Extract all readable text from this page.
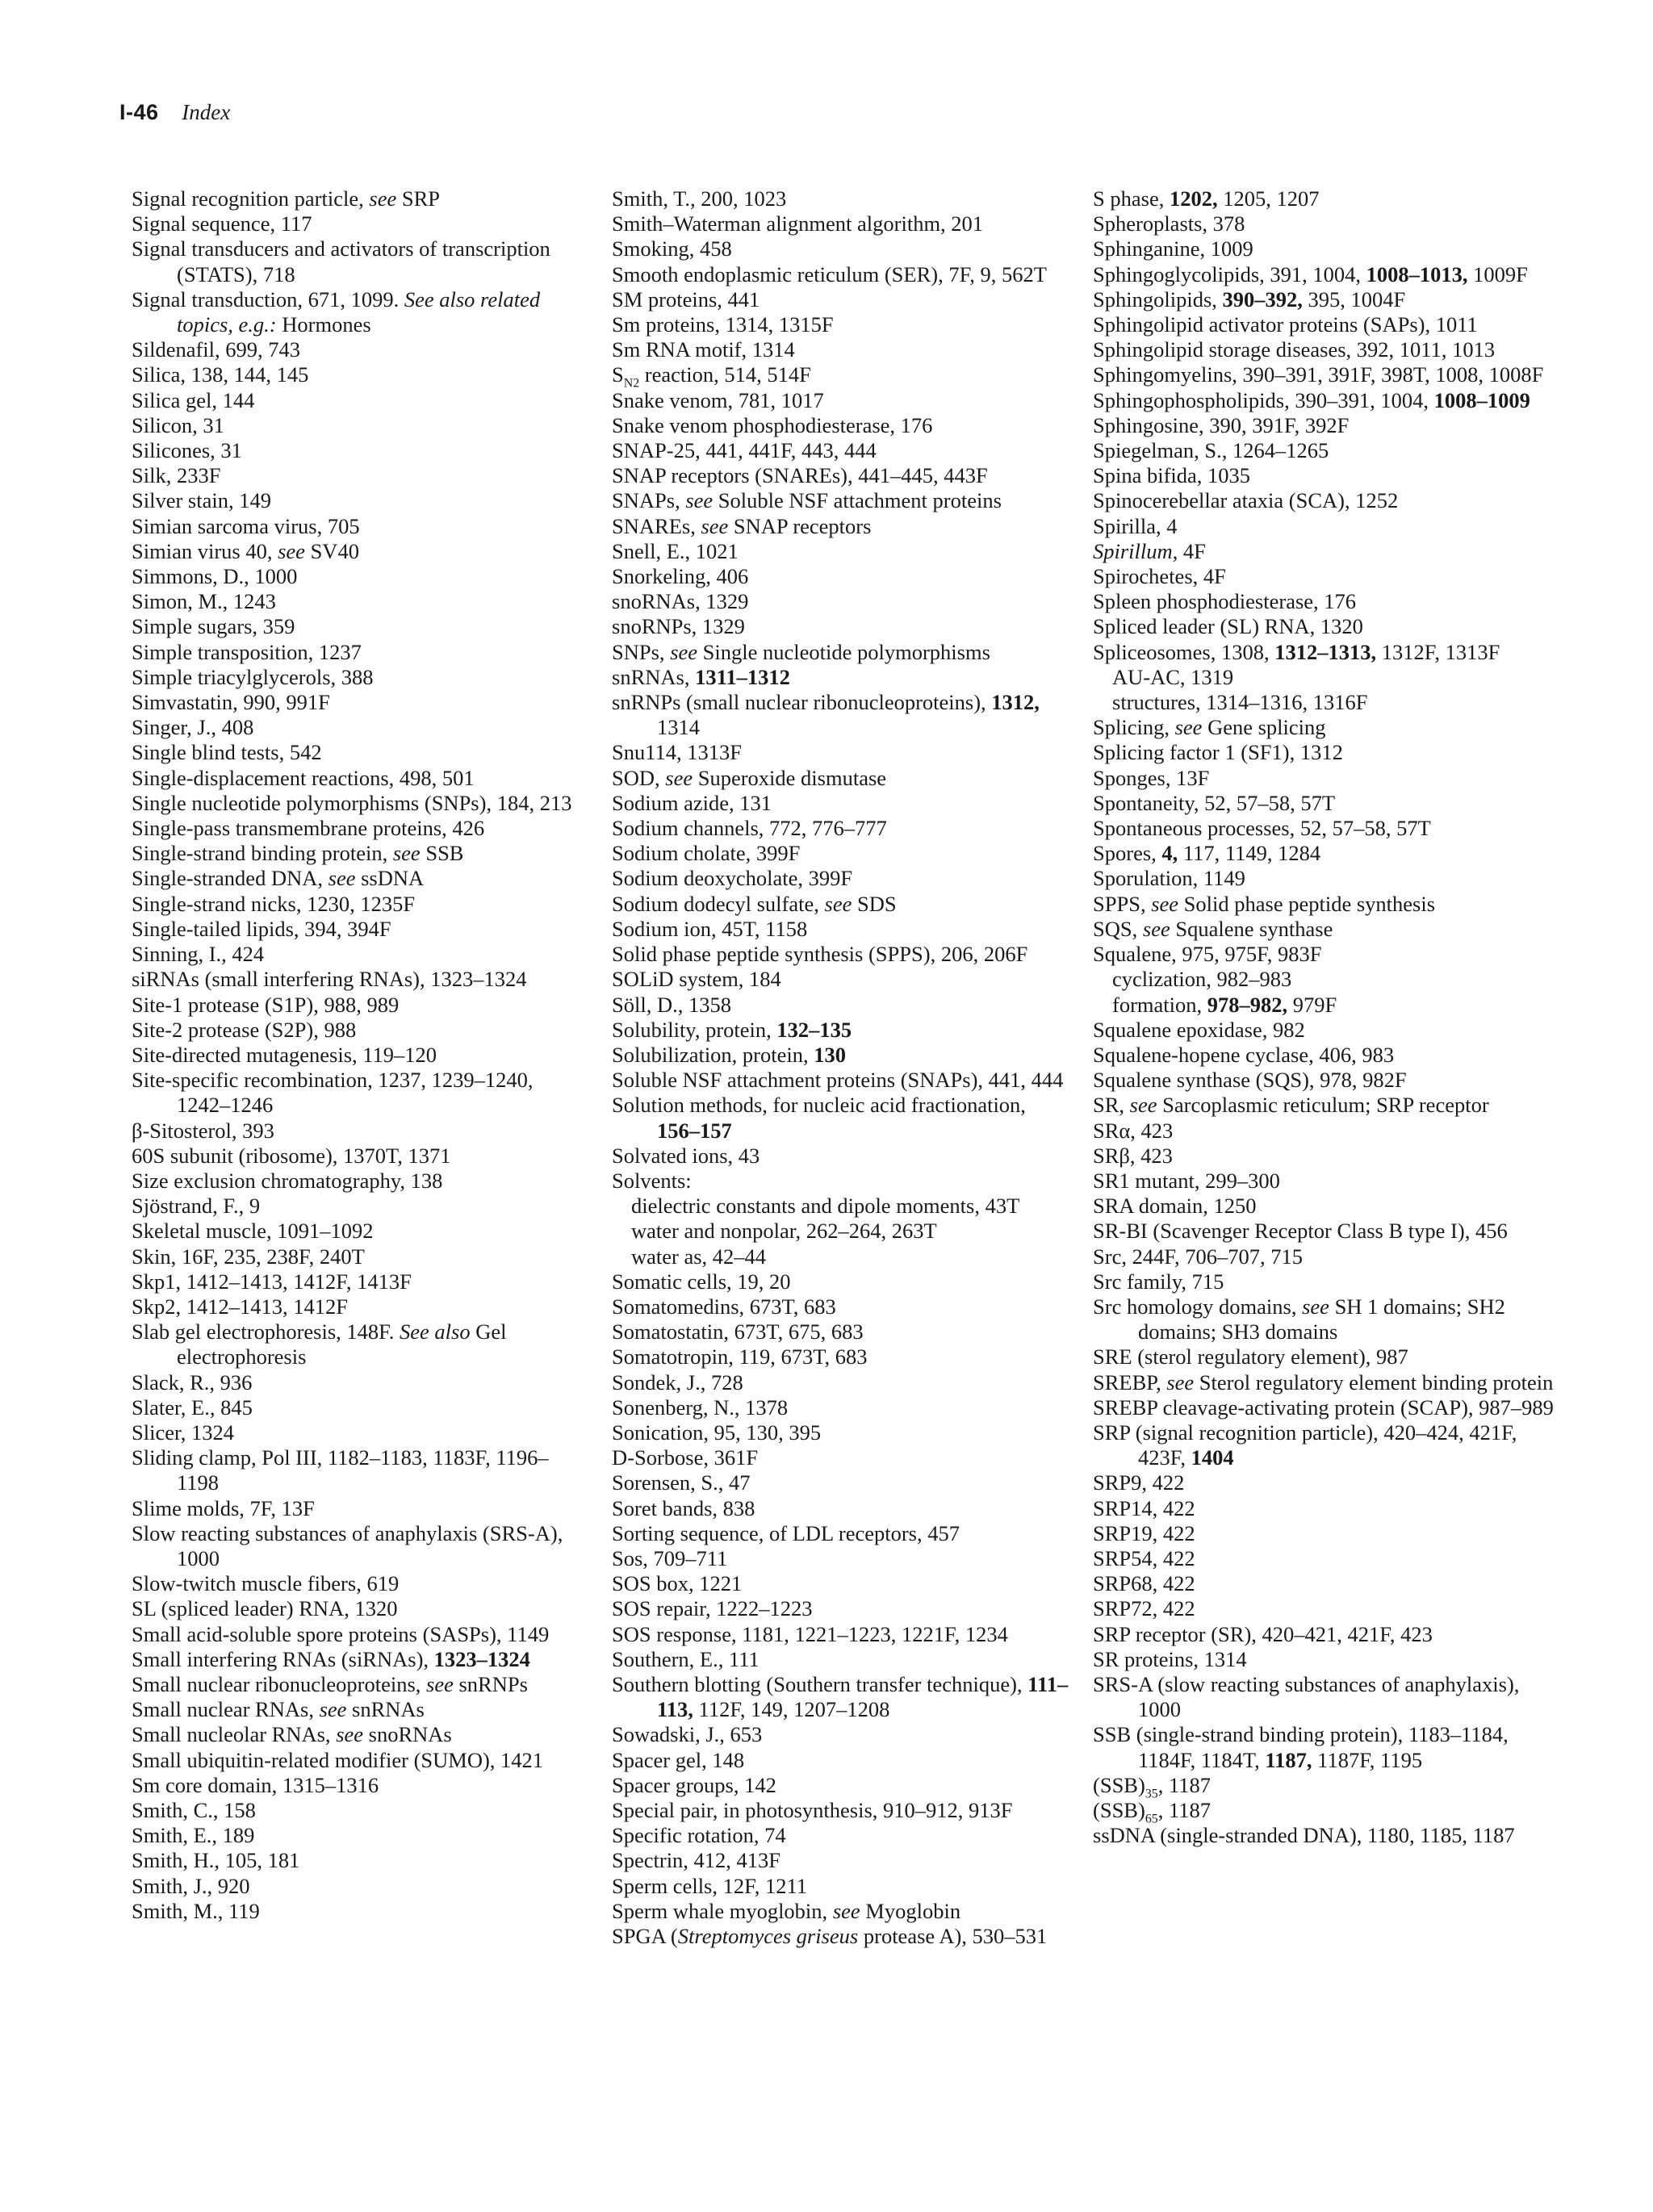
I-46 Index

Signal recognition particle, see SRP

Signal sequence, 117

Signal transducers and activators of transcription (STATS), 718

Signal transduction, 671, 1099. See also related topics, e.g.: Hormones

Sildenafil, 699, 743

Silica, 138, 144, 145

Silica gel, 144

Silicon, 31

Silicones, 31

Silk, 233F

Silver stain, 149

Simian sarcoma virus, 705

Simian virus 40, see SV40

Simmons, D., 1000

Simon, M., 1243

Simple sugars, 359

Simple transposition, 1237

Simple triacylglycerols, 388

Simvastatin, 990, 991F

Singer, J., 408

Single blind tests, 542

Single-displacement reactions, 498, 501

Single nucleotide polymorphisms (SNPs), 184, 213

Single-pass transmembrane proteins, 426

Single-strand binding protein, see SSB

Single-stranded DNA, see ssDNA

Single-strand nicks, 1230, 1235F

Single-tailed lipids, 394, 394F

Sinning, I., 424

siRNAs (small interfering RNAs), 1323–1324

Site-1 protease (S1P), 988, 989

Site-2 protease (S2P), 988

Site-directed mutagenesis, 119–120

Site-specific recombination, 1237, 1239–1240, 1242–1246

β-Sitosterol, 393

60S subunit (ribosome), 1370T, 1371

Size exclusion chromatography, 138

Sjöstrand, F., 9

Skeletal muscle, 1091–1092

Skin, 16F, 235, 238F, 240T

Skp1, 1412–1413, 1412F, 1413F

Skp2, 1412–1413, 1412F

Slab gel electrophoresis, 148F. See also Gel electrophoresis

Slack, R., 936

Slater, E., 845

Slicer, 1324

Sliding clamp, Pol III, 1182–1183, 1183F, 1196–1198

Slime molds, 7F, 13F

Slow reacting substances of anaphylaxis (SRS-A), 1000

Slow-twitch muscle fibers, 619

SL (spliced leader) RNA, 1320

Small acid-soluble spore proteins (SASPs), 1149

Small interfering RNAs (siRNAs), 1323–1324

Small nuclear ribonucleoproteins, see snRNPs

Small nuclear RNAs, see snRNAs

Small nucleolar RNAs, see snoRNAs

Small ubiquitin-related modifier (SUMO), 1421

Sm core domain, 1315–1316

Smith, C., 158

Smith, E., 189

Smith, H., 105, 181

Smith, J., 920

Smith, M., 119

Smith, T., 200, 1023

Smith–Waterman alignment algorithm, 201

Smoking, 458

Smooth endoplasmic reticulum (SER), 7F, 9, 562T

SM proteins, 441

Sm proteins, 1314, 1315F

Sm RNA motif, 1314

$S_{N2}$ reaction, 514, 514F

Snake venom, 781, 1017

Snake venom phosphodiesterase, 176

SNAP-25, 441, 441F, 443, 444

SNAP receptors (SNAREs), 441–445, 443F

SNAPs, see Soluble NSF attachment proteins

SNAREs, see SNAP receptors

Snell, E., 1021

Snorkeling, 406

snoRNAs, 1329

snoRNPs, 1329

SNPs, see Single nucleotide polymorphisms

snRNAs, 1311–1312

snRNPs (small nuclear ribonucleoproteins), 1312, 1314

Snu114, 1313F

SOD, see Superoxide dismutase

Sodium azide, 131

Sodium channels, 772, 776–777

Sodium cholate, 399F

Sodium deoxycholate, 399F

Sodium dodecyl sulfate, see SDS

Sodium ion, 45T, 1158

Solid phase peptide synthesis (SPPS), 206, 206F

SOLiD system, 184

Söll, D., 1358

Solubility, protein, 132–135

Solubilization, protein, 130

Soluble NSF attachment proteins (SNAPs), 441, 444

Solution methods, for nucleic acid fractionation, 156–157

Solvated ions, 43

Solvents:

dielectric constants and dipole moments, 43T

water and nonpolar, 262–264, 263T

water as, 42–44

Somatic cells, 19, 20

Somatomedins, 673T, 683

Somatostatin, 673T, 675, 683

Somatotropin, 119, 673T, 683

Sondek, J., 728

Sonenberg, N., 1378

Sonication, 95, 130, 395

D-Sorbose, 361F

Sorensen, S., 47

Soret bands, 838

Sorting sequence, of LDL receptors, 457

Sos, 709–711

SOS box, 1221

SOS repair, 1222–1223

SOS response, 1181, 1221–1223, 1221F, 1234

Southern, E., 111

Southern blotting (Southern transfer technique), 111–113, 112F, 149, 1207–1208

Sowadski, J., 653

Spacer gel, 148

Spacer groups, 142

Special pair, in photosynthesis, 910–912, 913F

Specific rotation, 74

Spectrin, 412, 413F

Sperm cells, 12F, 1211

Sperm whale myoglobin, see Myoglobin

SPGA (Streptomyces griseus protease A), 530–531

S phase, 1202, 1205, 1207

Spheroplasts, 378

Sphinganine, 1009

Sphingoglycolipids, 391, 1004, 1008–1013, 1009F

Sphingolipids, 390–392, 395, 1004F

Sphingolipid activator proteins (SAPs), 1011

Sphingolipid storage diseases, 392, 1011, 1013

Sphingomyelins, 390–391, 391F, 398T, 1008, 1008F

Sphingophospholipids, 390–391, 1004, 1008–1009

Sphingosine, 390, 391F, 392F

Spiegelman, S., 1264–1265

Spina bifida, 1035

Spinocerebellar ataxia (SCA), 1252

Spirilla, 4

Spirillum, 4F

Spirochetes, 4F

Spleen phosphodiesterase, 176

Spliced leader (SL) RNA, 1320

Spliceosomes, 1308, 1312–1313, 1312F, 1313F

AU-AC, 1319

structures, 1314–1316, 1316F

Splicing, see Gene splicing

Splicing factor 1 (SF1), 1312

Sponges, 13F

Spontaneity, 52, 57–58, 57T

Spontaneous processes, 52, 57–58, 57T

Spores, 4, 117, 1149, 1284

Sporulation, 1149

SPPS, see Solid phase peptide synthesis

SQS, see Squalene synthase

Squalene, 975, 975F, 983F

cyclization, 982–983

formation, 978–982, 979F

Squalene epoxidase, 982

Squalene-hopene cyclase, 406, 983

Squalene synthase (SQS), 978, 982F

SR, see Sarcoplasmic reticulum; SRP receptor

SRα, 423

SRβ, 423

SR1 mutant, 299–300

SRA domain, 1250

SR-BI (Scavenger Receptor Class B type I), 456

Src, 244F, 706–707, 715

Src family, 715

Src homology domains, see SH 1 domains; SH2 domains; SH3 domains

SRE (sterol regulatory element), 987

SREBP, see Sterol regulatory element binding protein

SREBP cleavage-activating protein (SCAP), 987–989

SRP (signal recognition particle), 420–424, 421F, 423F, 1404

SRP9, 422

SRP14, 422

SRP19, 422

SRP54, 422

SRP68, 422

SRP72, 422

SRP receptor (SR), 420–421, 421F, 423

SR proteins, 1314

SRS-A (slow reacting substances of anaphylaxis), 1000

SSB (single-strand binding protein), 1183–1184, 1184F, 1184T, 1187, 1187F, 1195

$(SSB)_{35}$, 1187

$(SSB)_{65}$, 1187

ssDNA (single-stranded DNA), 1180, 1185, 1187
